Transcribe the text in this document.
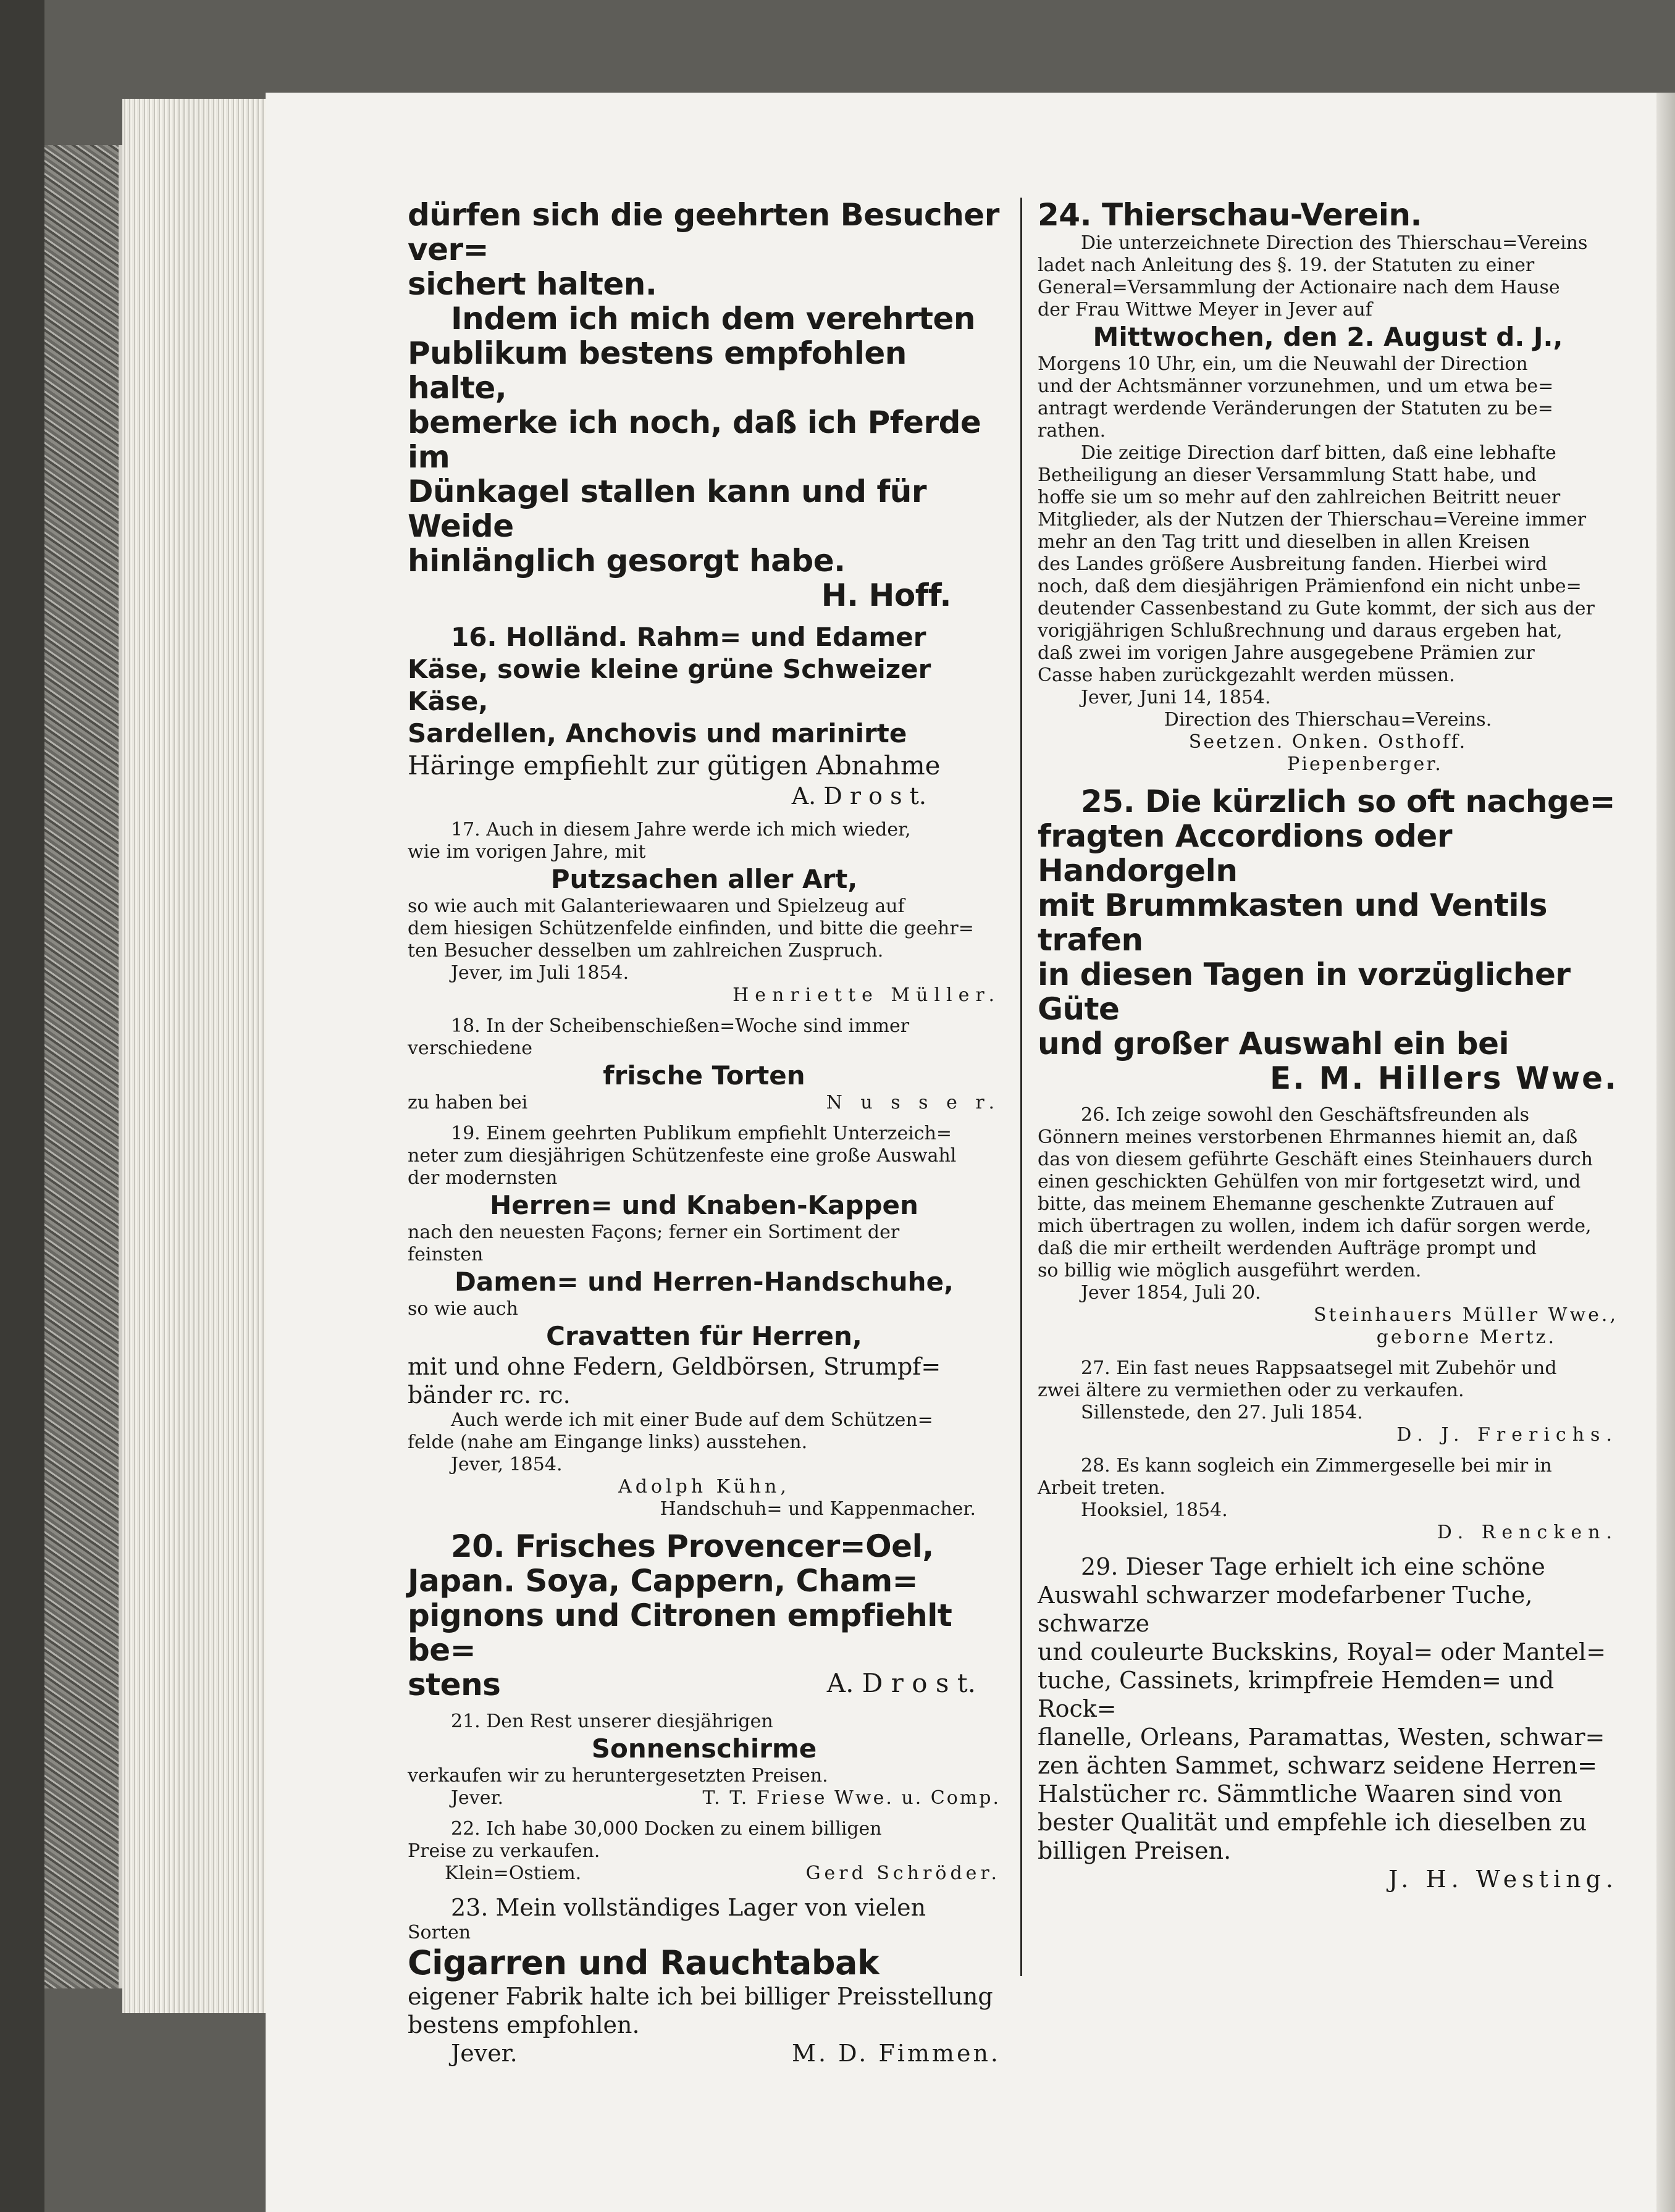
dürfen sich die geehrten Besucher ver=

sichert halten.

Indem ich mich dem verehrten

Publikum bestens empfohlen halte,

bemerke ich noch, daß ich Pferde im

Dünkagel stallen kann und für Weide

hinlänglich gesorgt habe.

H. Hoff.

16. Holländ. Rahm= und Edamer

Käse, sowie kleine grüne Schweizer Käse,

Sardellen, Anchovis und marinirte

Häringe empfiehlt zur gütigen Abnahme

A. D r o s t.

17. Auch in diesem Jahre werde ich mich wieder,

wie im vorigen Jahre, mit

Putzsachen aller Art,

so wie auch mit Galanteriewaaren und Spielzeug auf

dem hiesigen Schützenfelde einfinden, und bitte die geehr=

ten Besucher desselben um zahlreichen Zuspruch.

Jever, im Juli 1854.

Henriette Müller.

18. In der Scheibenschießen=Woche sind immer

verschiedene

frische Torten

zu haben bei	N u s s e r.

19. Einem geehrten Publikum empfiehlt Unterzeich=

neter zum diesjährigen Schützenfeste eine große Auswahl

der modernsten

Herren= und Knaben-Kappen

nach den neuesten Façons; ferner ein Sortiment der

feinsten

Damen= und Herren-Handschuhe,

so wie auch

Cravatten für Herren,

mit und ohne Federn, Geldbörsen, Strumpf=

bänder rc. rc.

Auch werde ich mit einer Bude auf dem Schützen=

felde (nahe am Eingange links) ausstehen.

Jever, 1854.

Adolph Kühn,

Handschuh= und Kappenmacher.

20. Frisches Provencer=Oel,

Japan. Soya, Cappern, Cham=

pignons und Citronen empfiehlt be=

stens	A. D r o s t.

21. Den Rest unserer diesjährigen

Sonnenschirme

verkaufen wir zu heruntergesetzten Preisen.

Jever.	T. T. Friese Wwe. u. Comp.

22. Ich habe 30,000 Docken zu einem billigen

Preise zu verkaufen.

Klein=Ostiem.	Gerd Schröder.

23. Mein vollständiges Lager von vielen

Sorten

Cigarren und Rauchtabak

eigener Fabrik halte ich bei billiger Preisstellung

bestens empfohlen.

Jever.	M. D. Fimmen.

24. Thierschau-Verein.

Die unterzeichnete Direction des Thierschau=Vereins

ladet nach Anleitung des §. 19. der Statuten zu einer

General=Versammlung der Actionaire nach dem Hause

der Frau Wittwe Meyer in Jever auf

Mittwochen, den 2. August d. J.,

Morgens 10 Uhr, ein, um die Neuwahl der Direction

und der Achtsmänner vorzunehmen, und um etwa be=

antragt werdende Veränderungen der Statuten zu be=

rathen.

Die zeitige Direction darf bitten, daß eine lebhafte

Betheiligung an dieser Versammlung Statt habe, und

hoffe sie um so mehr auf den zahlreichen Beitritt neuer

Mitglieder, als der Nutzen der Thierschau=Vereine immer

mehr an den Tag tritt und dieselben in allen Kreisen

des Landes größere Ausbreitung fanden. Hierbei wird

noch, daß dem diesjährigen Prämienfond ein nicht unbe=

deutender Cassenbestand zu Gute kommt, der sich aus der

vorigjährigen Schlußrechnung und daraus ergeben hat,

daß zwei im vorigen Jahre ausgegebene Prämien zur

Casse haben zurückgezahlt werden müssen.

Jever, Juni 14, 1854.

Direction des Thierschau=Vereins.

Seetzen. Onken. Osthoff.

Piepenberger.

25. Die kürzlich so oft nachge=

fragten Accordions oder Handorgeln

mit Brummkasten und Ventils trafen

in diesen Tagen in vorzüglicher Güte

und großer Auswahl ein bei

E. M. Hillers Wwe.

26. Ich zeige sowohl den Geschäftsfreunden als

Gönnern meines verstorbenen Ehrmannes hiemit an, daß

das von diesem geführte Geschäft eines Steinhauers durch

einen geschickten Gehülfen von mir fortgesetzt wird, und

bitte, das meinem Ehemanne geschenkte Zutrauen auf

mich übertragen zu wollen, indem ich dafür sorgen werde,

daß die mir ertheilt werdenden Aufträge prompt und

so billig wie möglich ausgeführt werden.

Jever 1854, Juli 20.

Steinhauers Müller Wwe.,

geborne Mertz.

27. Ein fast neues Rappsaatsegel mit Zubehör und

zwei ältere zu vermiethen oder zu verkaufen.

Sillenstede, den 27. Juli 1854.

D. J. Frerichs.

28. Es kann sogleich ein Zimmergeselle bei mir in

Arbeit treten.

Hooksiel, 1854.

D. Rencken.

29. Dieser Tage erhielt ich eine schöne

Auswahl schwarzer modefarbener Tuche, schwarze

und couleurte Buckskins, Royal= oder Mantel=

tuche, Cassinets, krimpfreie Hemden= und Rock=

flanelle, Orleans, Paramattas, Westen, schwar=

zen ächten Sammet, schwarz seidene Herren=

Halstücher rc. Sämmtliche Waaren sind von

bester Qualität und empfehle ich dieselben zu

billigen Preisen.

J. H. Westing.
